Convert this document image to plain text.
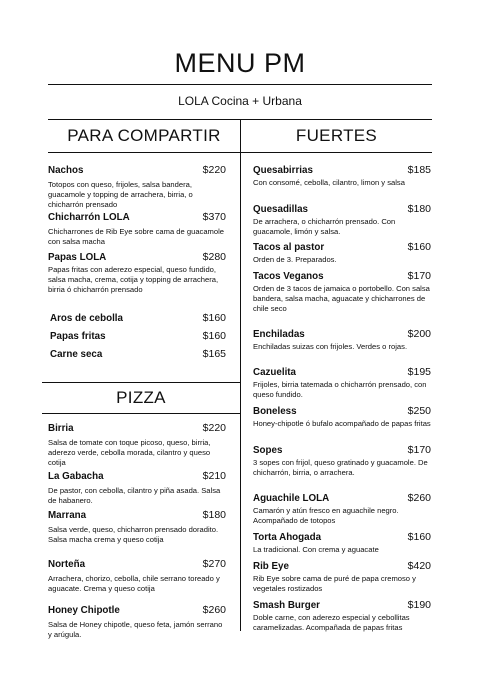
MENU PM
LOLA Cocina + Urbana
PARA COMPARTIR	FUERTES
PIZZA
Nachos	$220
Totopos con queso, frijoles, salsa bandera, guacamole y topping de arrachera, birria, o chicharrón prensado
Chicharrón LOLA	$370
Chicharrones de Rib Eye sobre cama de guacamole con salsa macha
Papas LOLA	$280
Papas fritas con aderezo especial, queso fundido, salsa macha, crema, cotija y topping de arrachera, birria ó chicharrón prensado
Aros de cebolla	$160
Papas fritas	$160
Carne seca	$165
Birria	$220
Salsa de tomate con toque picoso, queso, birria, aderezo verde, cebolla morada, cilantro y queso cotija
La Gabacha	$210
De pastor, con cebolla, cilantro y piña asada. Salsa de habanero.
Marrana	$180
Salsa verde, queso, chicharron prensado doradito. Salsa macha crema y queso cotija
Norteña	$270
Arrachera, chorizo, cebolla, chile serrano toreado y aguacate. Crema y queso cotija
Honey Chipotle	$260
Salsa de Honey chipotle, queso feta, jamón serrano y arúgula.
Quesabirrias	$185
Con consomé, cebolla, cilantro, limon y salsa
Quesadillas	$180
De arrachera, o chicharrón prensado. Con guacamole, limón y salsa.
Tacos al pastor	$160
Orden de 3. Preparados.
Tacos Veganos	$170
Orden de 3 tacos de jamaica o portobello. Con salsa bandera, salsa macha, aguacate y chicharrones de chile seco
Enchiladas	$200
Enchiladas suizas con frijoles. Verdes o rojas.
Cazuelita	$195
Frijoles, birria tatemada o chicharrón prensado, con queso fundido.
Boneless	$250
Honey-chipotle ó bufalo acompañado de papas fritas
Sopes	$170
3 sopes con frijol, queso gratinado y guacamole. De chicharrón, birria, o arrachera.
Aguachile LOLA	$260
Camarón y atún fresco en aguachile negro. Acompañado de totopos
Torta Ahogada	$160
La tradicional. Con crema y aguacate
Rib Eye	$420
Rib Eye sobre cama de puré de papa cremoso y vegetales rostizados
Smash Burger	$190
Doble carne, con aderezo especial y cebollitas caramelizadas. Acompañada de papas fritas
